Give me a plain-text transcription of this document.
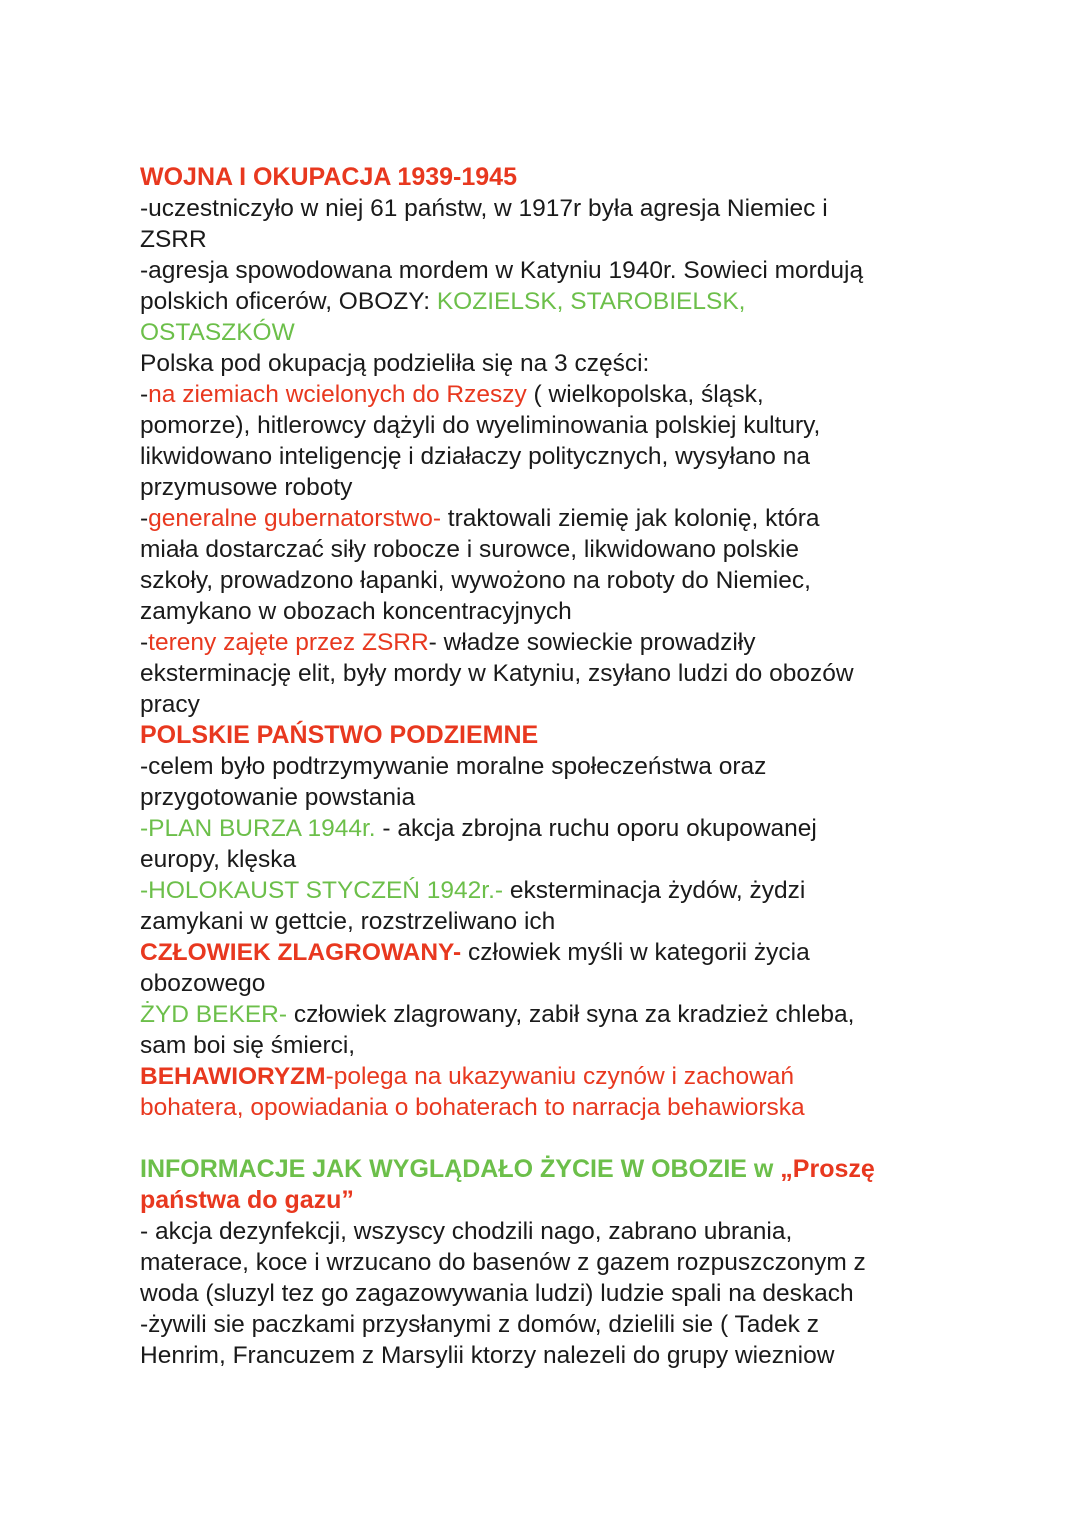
WOJNA I OKUPACJA 1939-1945
-uczestniczyło w niej 61 państw, w 1917r była agresja Niemiec i
ZSRR
-agresja spowodowana mordem w Katyniu 1940r. Sowieci mordują
polskich oficerów, OBOZY: KOZIELSK, STAROBIELSK,
OSTASZKÓW
Polska pod okupacją podzieliła się na 3 części:
-na ziemiach wcielonych do Rzeszy ( wielkopolska, śląsk,
pomorze), hitlerowcy dążyli do wyeliminowania polskiej kultury,
likwidowano inteligencję i działaczy politycznych, wysyłano na
przymusowe roboty
-generalne gubernatorstwo- traktowali ziemię jak kolonię, która
miała dostarczać siły robocze i surowce, likwidowano polskie
szkoły, prowadzono łapanki, wywożono na roboty do Niemiec,
zamykano w obozach koncentracyjnych
-tereny zajęte przez ZSRR- władze sowieckie prowadziły
eksterminację elit, były mordy w Katyniu, zsyłano ludzi do obozów
pracy
POLSKIE PAŃSTWO PODZIEMNE
-celem było podtrzymywanie moralne społeczeństwa oraz
przygotowanie powstania
-PLAN BURZA 1944r. - akcja zbrojna ruchu oporu okupowanej
europy, klęska
-HOLOKAUST STYCZEŃ 1942r.- eksterminacja żydów, żydzi
zamykani w gettcie, rozstrzeliwano ich
CZŁOWIEK ZLAGROWANY- człowiek myśli w kategorii życia
obozowego
ŻYD BEKER- człowiek zlagrowany, zabił syna za kradzież chleba,
sam boi się śmierci,
BEHAWIORYZM-polega na ukazywaniu czynów i zachowań
bohatera, opowiadania o bohaterach to narracja behawiorska
INFORMACJE JAK WYGLĄDAŁO ŻYCIE W OBOZIE w „Proszę
państwa do gazu”
- akcja dezynfekcji, wszyscy chodzili nago, zabrano ubrania,
materace, koce i wrzucano do basenów z gazem rozpuszczonym z
woda (sluzyl tez go zagazowywania ludzi) ludzie spali na deskach
-żywili sie paczkami przysłanymi z domów, dzielili sie ( Tadek z
Henrim, Francuzem z Marsylii ktorzy nalezeli do grupy wiezniow
